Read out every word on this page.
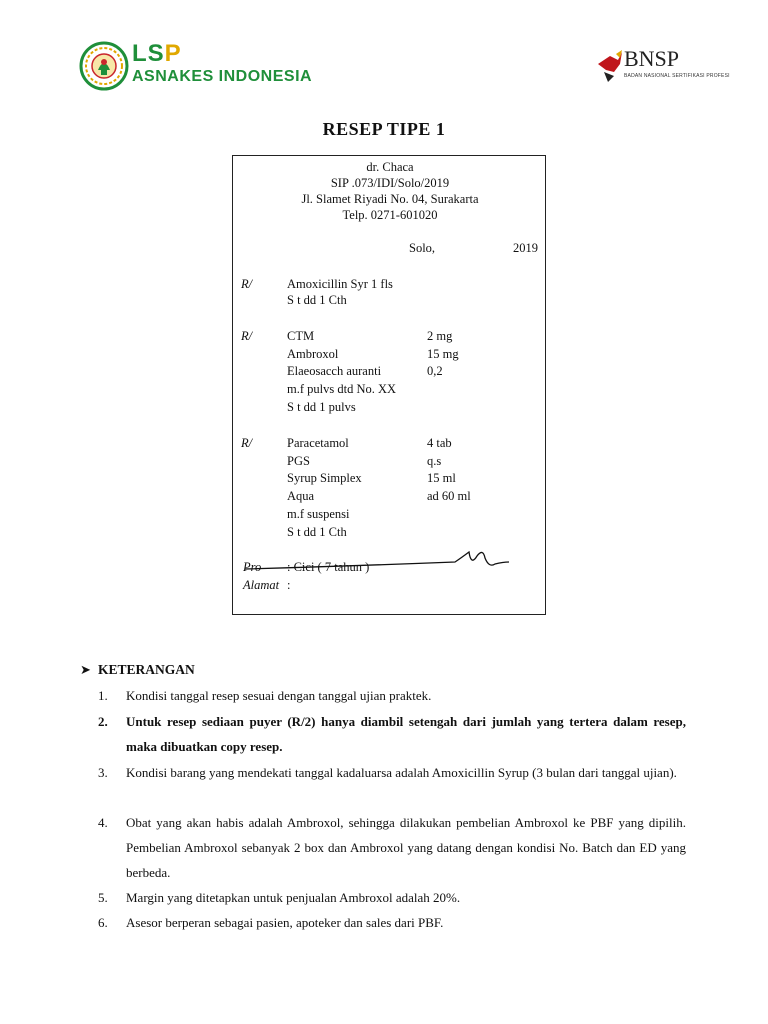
LSP
ASNAKES INDONESIA
BNSP
BADAN NASIONAL SERTIFIKASI PROFESI
RESEP TIPE 1
dr. Chaca
SIP .073/IDI/Solo/2019
Jl. Slamet Riyadi No. 04, Surakarta
Telp. 0271-601020
Solo,	2019
R/	Amoxicillin Syr 1 fls
S t dd 1 Cth
R/	CTM	2 mg
Ambroxol	15 mg
Elaeosacch auranti	0,2
m.f pulvs dtd No. XX
S t dd 1 pulvs
R/	Paracetamol	4 tab
PGS	q.s
Syrup Simplex	15 ml
Aqua	ad 60 ml
m.f suspensi
S t dd 1 Cth
Pro : Cici ( 7 tahun )
Alamat :
➤ KETERANGAN
1. Kondisi tanggal resep sesuai dengan tanggal ujian praktek.
2. Untuk resep sediaan puyer (R/2) hanya diambil setengah dari jumlah yang tertera dalam resep, maka dibuatkan copy resep.
3. Kondisi barang yang mendekati tanggal kadaluarsa adalah Amoxicillin Syrup (3 bulan dari tanggal ujian).
4. Obat yang akan habis adalah Ambroxol, sehingga dilakukan pembelian Ambroxol ke PBF yang dipilih. Pembelian Ambroxol sebanyak 2 box dan Ambroxol yang datang dengan kondisi No. Batch dan ED yang berbeda.
5. Margin yang ditetapkan untuk penjualan Ambroxol adalah 20%.
6. Asesor berperan sebagai pasien, apoteker dan sales dari PBF.
